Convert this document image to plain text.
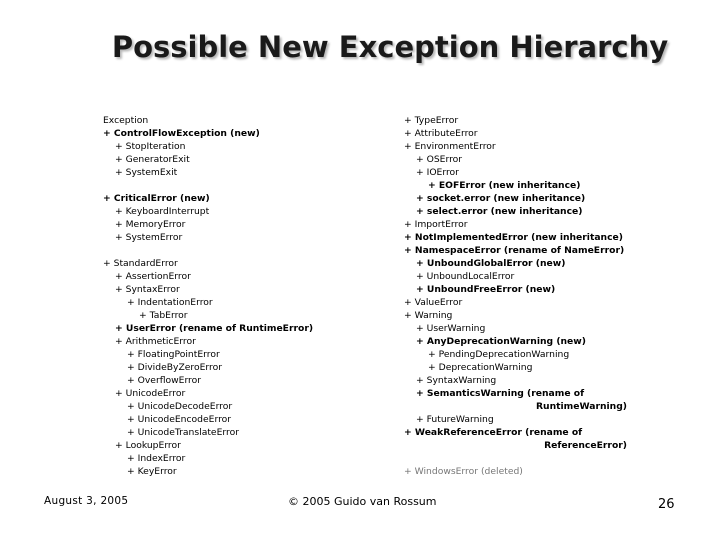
Possible New Exception Hierarchy
Exception
+ ControlFlowException (new)
+ StopIteration
+ GeneratorExit
+ SystemExit
+ CriticalError (new)
+ KeyboardInterrupt
+ MemoryError
+ SystemError
+ StandardError
+ AssertionError
+ SyntaxError
+ IndentationError
+ TabError
+ UserError (rename of RuntimeError)
+ ArithmeticError
+ FloatingPointError
+ DivideByZeroError
+ OverflowError
+ UnicodeError
+ UnicodeDecodeError
+ UnicodeEncodeError
+ UnicodeTranslateError
+ LookupError
+ IndexError
+ KeyError
+ TypeError
+ AttributeError
+ EnvironmentError
+ OSError
+ IOError
+ EOFError (new inheritance)
+ socket.error (new inheritance)
+ select.error (new inheritance)
+ ImportError
+ NotImplementedError (new inheritance)
+ NamespaceError (rename of NameError)
+ UnboundGlobalError (new)
+ UnboundLocalError
+ UnboundFreeError (new)
+ ValueError
+ Warning
+ UserWarning
+ AnyDeprecationWarning (new)
+ PendingDeprecationWarning
+ DeprecationWarning
+ SyntaxWarning
+ SemanticsWarning (rename of
RuntimeWarning)
+ FutureWarning
+ WeakReferenceError (rename of
ReferenceError)
+ WindowsError (deleted)
August 3, 2005	© 2005 Guido van Rossum	26
